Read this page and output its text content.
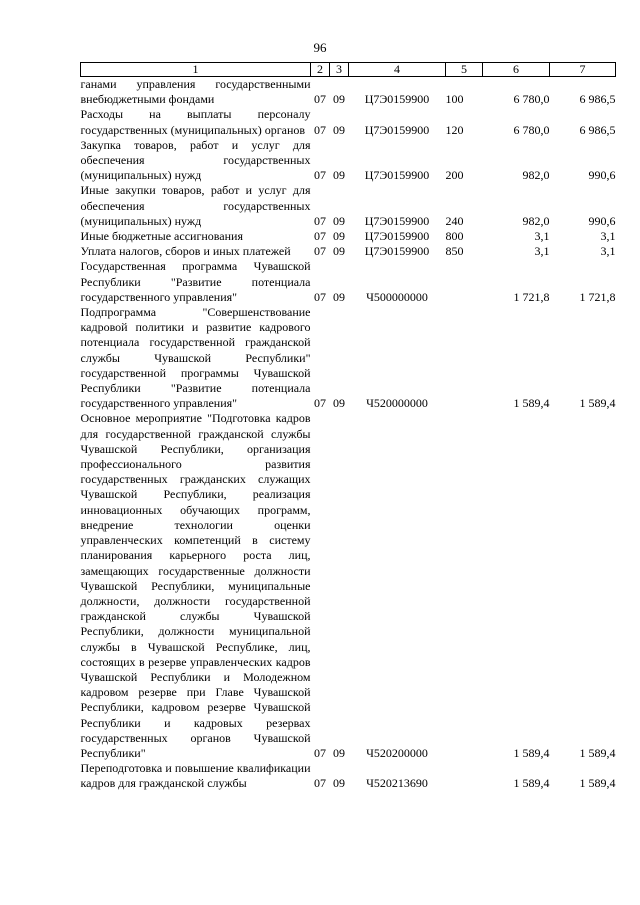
96
1	2	3	4	5	6	7

ганами управления государственными внебюджетными фондами	07	09	Ц7Э0159900	100	6 780,0	6 986,5

Расходы на выплаты персоналу государственных (муниципальных) органов	07	09	Ц7Э0159900	120	6 780,0	6 986,5

Закупка товаров, работ и услуг для обеспечения государственных (муниципальных) нужд	07	09	Ц7Э0159900	200	982,0	990,6

Иные закупки товаров, работ и услуг для обеспечения государственных (муниципальных) нужд	07	09	Ц7Э0159900	240	982,0	990,6

Иные бюджетные ассигнования	07	09	Ц7Э0159900	800	3,1	3,1

Уплата налогов, сборов и иных платежей	07	09	Ц7Э0159900	850	3,1	3,1

Государственная программа Чувашской Республики "Развитие потенциала государственного управления"	07	09	Ч500000000		1 721,8	1 721,8

Подпрограмма "Совершенствование кадровой политики и развитие кадрового потенциала государственной гражданской службы Чувашской Республики" государственной программы Чувашской Республики "Развитие потенциала государственного управления"	07	09	Ч520000000		1 589,4	1 589,4

Основное мероприятие "Подготовка кадров для государственной гражданской службы Чувашской Республики, организация профессионального развития государственных гражданских служащих Чувашской Республики, реализация инновационных обучающих программ, внедрение технологии оценки управленческих компетенций в систему планирования карьерного роста лиц, замещающих государственные должности Чувашской Республики, муниципальные должности, должности государственной гражданской службы Чувашской Республики, должности муниципальной службы в Чувашской Республике, лиц, состоящих в резерве управленческих кадров Чувашской Республики и Молодежном кадровом резерве при Главе Чувашской Республики, кадровом резерве Чувашской Республики и кадровых резервах государственных органов Чувашской Республики"	07	09	Ч520200000		1 589,4	1 589,4

Переподготовка и повышение квалификации кадров для гражданской службы	07	09	Ч520213690		1 589,4	1 589,4
